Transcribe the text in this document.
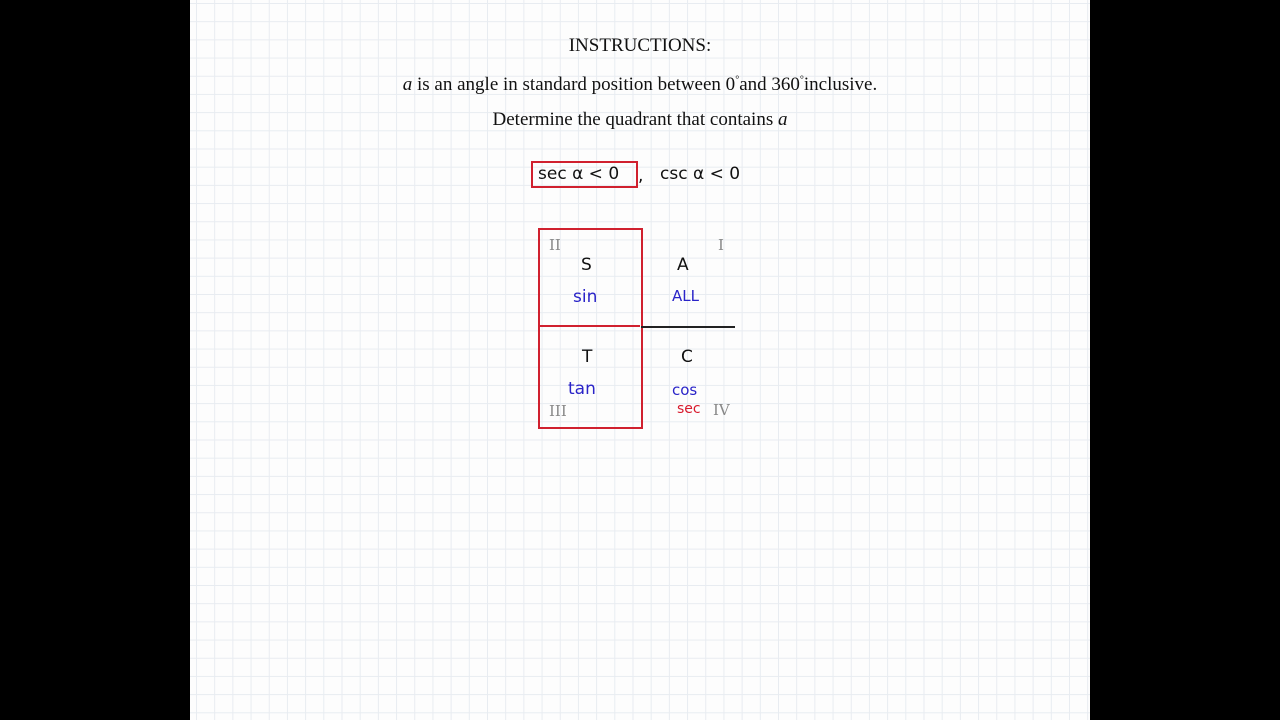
INSTRUCTIONS:
a is an angle in standard position between 0°and 360°inclusive.
Determine the quadrant that contains a
sec α < 0 , csc α < 0
II
S
sin
I
A
ALL
T
tan
III
C
cos
sec IV
